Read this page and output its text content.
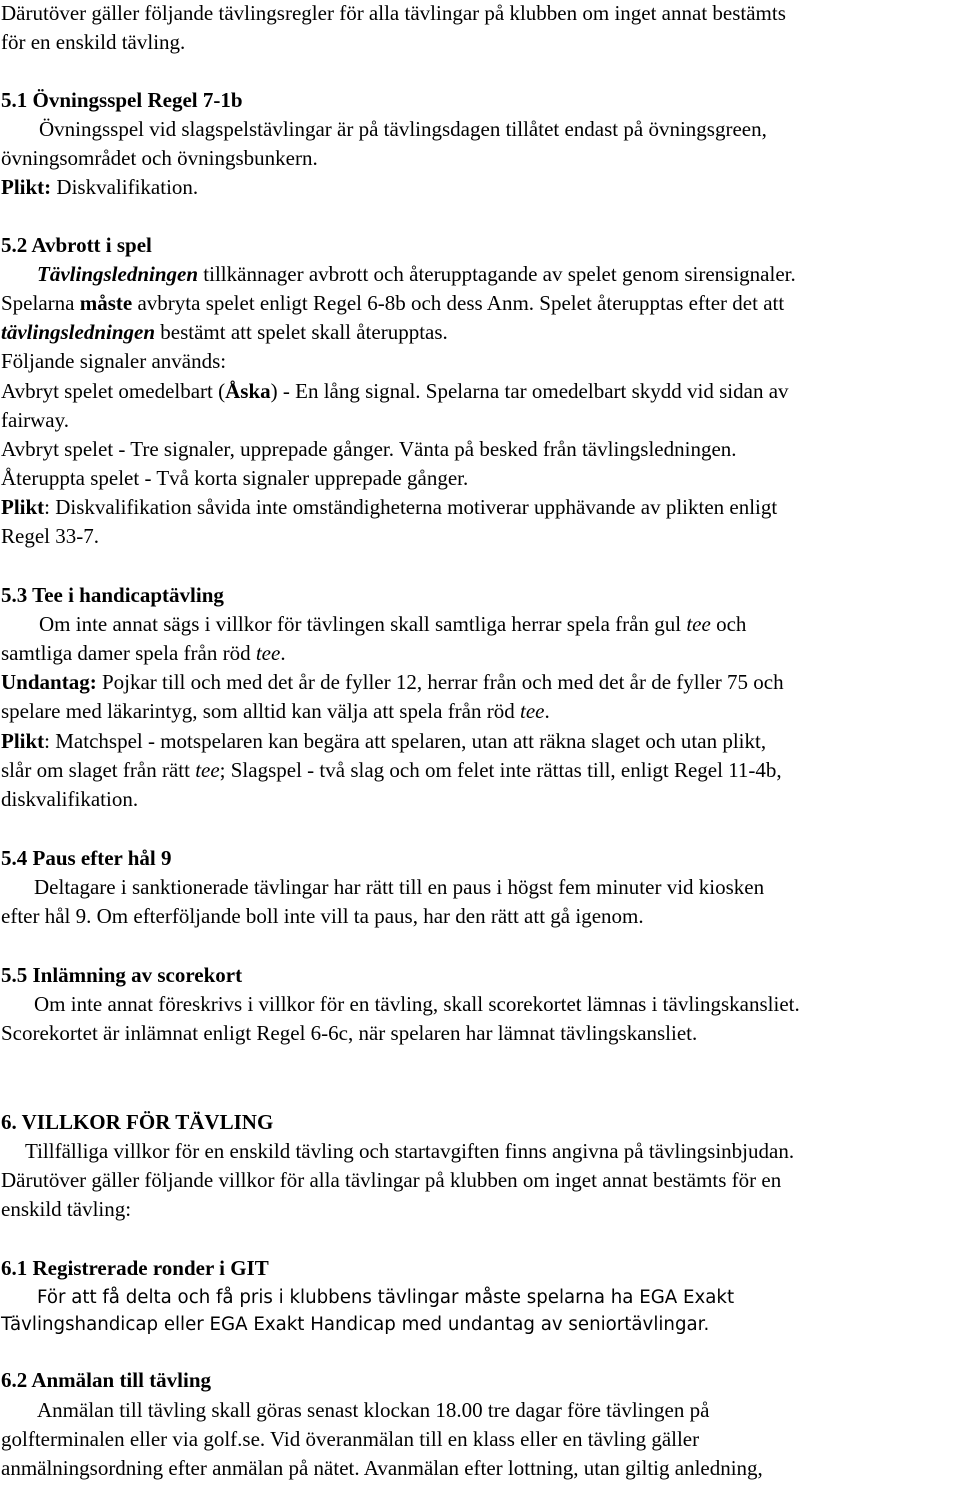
Därutöver gäller följande tävlingsregler för alla tävlingar på klubben om inget annat bestämts
för en enskild tävling.
5.1 Övningsspel Regel 7-1b
Övningsspel vid slagspelstävlingar är på tävlingsdagen tillåtet endast på övningsgreen,
övningsområdet och övningsbunkern.
Plikt: Diskvalifikation.
5.2 Avbrott i spel
Tävlingsledningen tillkännager avbrott och återupptagande av spelet genom sirensignaler.
Spelarna måste avbryta spelet enligt Regel 6-8b och dess Anm. Spelet återupptas efter det att
tävlingsledningen bestämt att spelet skall återupptas.
Följande signaler används:
Avbryt spelet omedelbart (Åska) - En lång signal. Spelarna tar omedelbart skydd vid sidan av
fairway.
Avbryt spelet - Tre signaler, upprepade gånger. Vänta på besked från tävlingsledningen.
Återuppta spelet - Två korta signaler upprepade gånger.
Plikt: Diskvalifikation såvida inte omständigheterna motiverar upphävande av plikten enligt
Regel 33-7.
5.3 Tee i handicaptävling
Om inte annat sägs i villkor för tävlingen skall samtliga herrar spela från gul tee och
samtliga damer spela från röd tee.
Undantag: Pojkar till och med det år de fyller 12, herrar från och med det år de fyller 75 och
spelare med läkarintyg, som alltid kan välja att spela från röd tee.
Plikt: Matchspel - motspelaren kan begära att spelaren, utan att räkna slaget och utan plikt,
slår om slaget från rätt tee; Slagspel - två slag och om felet inte rättas till, enligt Regel 11-4b,
diskvalifikation.
5.4 Paus efter hål 9
Deltagare i sanktionerade tävlingar har rätt till en paus i högst fem minuter vid kiosken
efter hål 9. Om efterföljande boll inte vill ta paus, har den rätt att gå igenom.
5.5 Inlämning av scorekort
Om inte annat föreskrivs i villkor för en tävling, skall scorekortet lämnas i tävlingskansliet.
Scorekortet är inlämnat enligt Regel 6-6c, när spelaren har lämnat tävlingskansliet.
6. VILLKOR FÖR TÄVLING
Tillfälliga villkor för en enskild tävling och startavgiften finns angivna på tävlingsinbjudan.
Därutöver gäller följande villkor för alla tävlingar på klubben om inget annat bestämts för en
enskild tävling:
6.1 Registrerade ronder i GIT
För att få delta och få pris i klubbens tävlingar måste spelarna ha EGA Exakt
Tävlingshandicap eller EGA Exakt Handicap med undantag av seniortävlingar.
6.2 Anmälan till tävling
Anmälan till tävling skall göras senast klockan 18.00 tre dagar före tävlingen på
golfterminalen eller via golf.se. Vid överanmälan till en klass eller en tävling gäller
anmälningsordning efter anmälan på nätet. Avanmälan efter lottning, utan giltig anledning,
